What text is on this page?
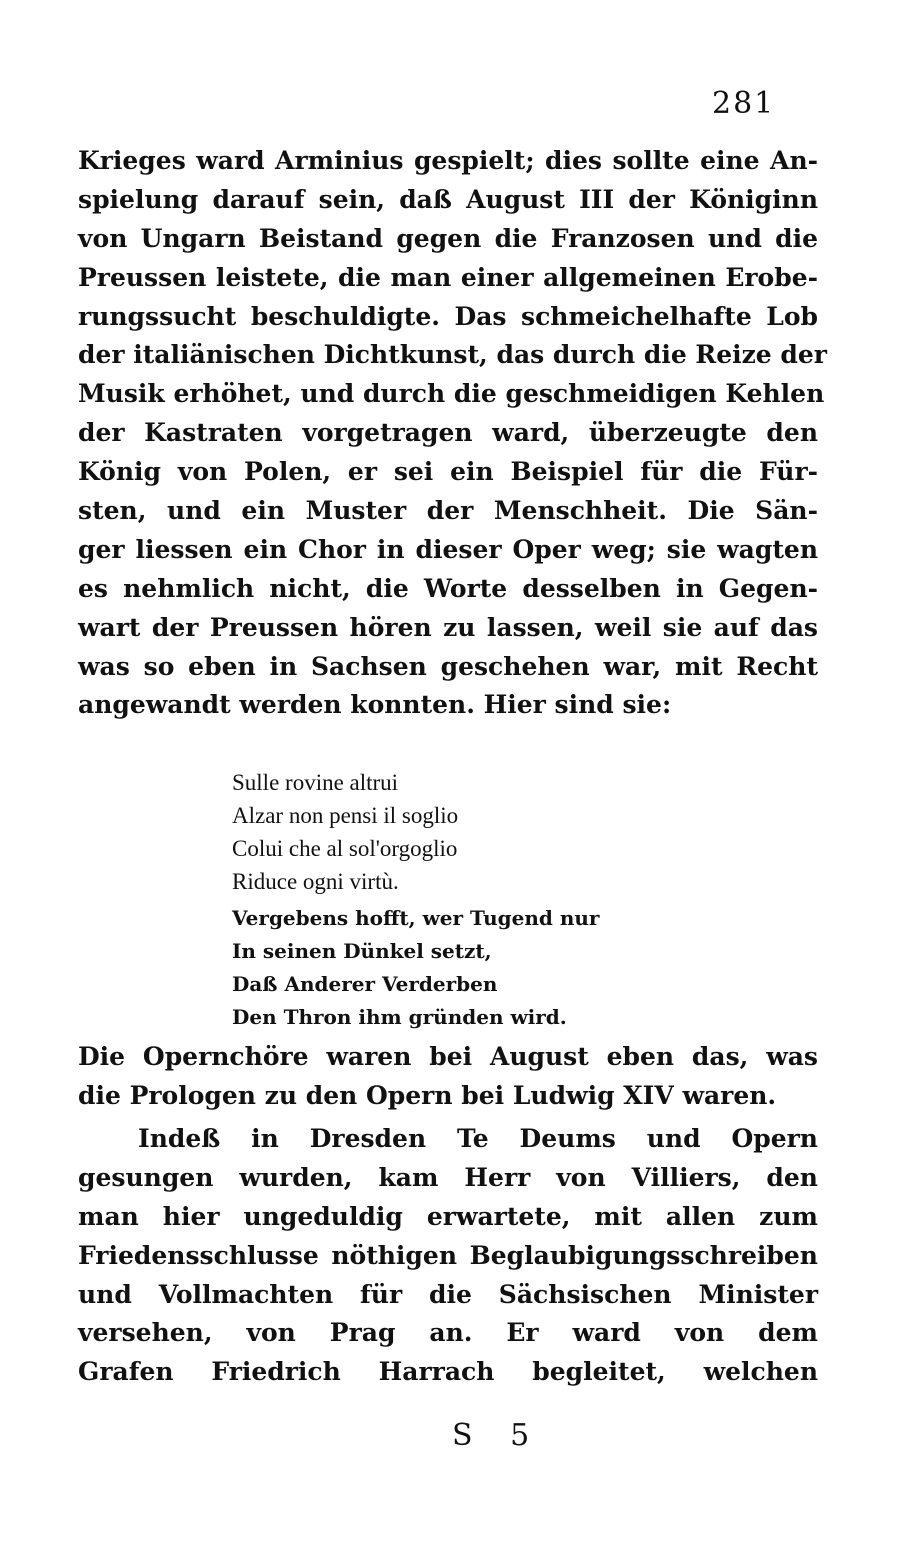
281
Krieges ward Arminius gespielt; dies sollte eine An-
spielung darauf sein, daß August III der Königinn
von Ungarn Beistand gegen die Franzosen und die
Preussen leistete, die man einer allgemeinen Erobe-
rungssucht beschuldigte. Das schmeichelhafte Lob
der italiänischen Dichtkunst, das durch die Reize der
Musik erhöhet, und durch die geschmeidigen Kehlen
der Kastraten vorgetragen ward, überzeugte den
König von Polen, er sei ein Beispiel für die Für-
sten, und ein Muster der Menschheit. Die Sän-
ger liessen ein Chor in dieser Oper weg; sie wagten
es nehmlich nicht, die Worte desselben in Gegen-
wart der Preussen hören zu lassen, weil sie auf das
was so eben in Sachsen geschehen war, mit Recht
angewandt werden konnten. Hier sind sie:
Sulle rovine altrui
Alzar non pensi il soglio
Colui che al sol'orgoglio
Riduce ogni virtù.
Vergebens hofft, wer Tugend nur
In seinen Dünkel setzt,
Daß Anderer Verderben
Den Thron ihm gründen wird.
Die Opernchöre waren bei August eben das, was
die Prologen zu den Opern bei Ludwig XIV waren.
Indeß in Dresden Te Deums und Opern
gesungen wurden, kam Herr von Villiers, den
man hier ungeduldig erwartete, mit allen zum
Friedensschlusse nöthigen Beglaubigungsschreiben
und Vollmachten für die Sächsischen Minister
versehen, von Prag an. Er ward von dem
Grafen Friedrich Harrach begleitet, welchen
S 5
